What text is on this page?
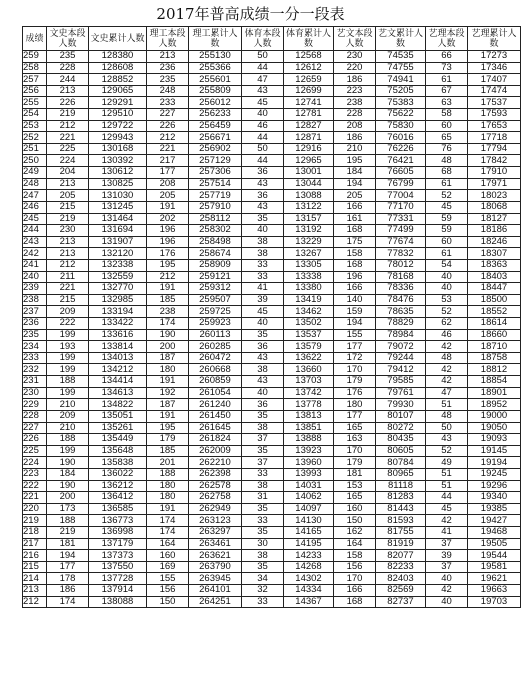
2017年普高成绩一分一段表
成绩	文史本段人数	文史累计人数	理工本段人数	理工累计人数	体育本段人数	体育累计人数	艺文本段人数	艺文累计人数	艺理本段人数	艺理累计人数
259	235	128380	213	255130	50	12568	230	74535	66	17273
258	228	128608	236	255366	44	12612	220	74755	73	17346
257	244	128852	235	255601	47	12659	186	74941	61	17407
256	213	129065	248	255809	43	12699	223	75205	67	17474
255	226	129291	233	256012	45	12741	238	75383	63	17537
254	219	129510	227	256233	40	12781	228	75622	58	17593
253	212	129722	226	256459	46	12827	208	75830	60	17653
252	221	129943	212	256671	44	12871	186	76016	65	17718
251	225	130168	221	256902	50	12916	210	76226	76	17794
250	224	130392	217	257129	44	12965	195	76421	48	17842
249	204	130612	177	257306	36	13001	184	76605	68	17910
248	213	130825	208	257514	43	13044	194	76799	61	17971
247	205	131030	205	257719	36	13088	205	77004	52	18023
246	215	131245	191	257910	43	13122	166	77170	45	18068
245	219	131464	202	258112	35	13157	161	77331	59	18127
244	230	131694	196	258302	40	13192	168	77499	59	18186
243	213	131907	196	258498	38	13229	175	77674	60	18246
242	213	132120	176	258674	38	13267	158	77832	61	18307
241	212	132338	195	258909	33	13305	168	78012	54	18363
240	211	132559	212	259121	33	13338	196	78168	40	18403
239	221	132770	191	259312	41	13380	166	78336	40	18447
238	215	132985	185	259507	39	13419	140	78476	53	18500
237	209	133194	238	259725	45	13462	159	78635	52	18552
236	222	133422	174	259923	40	13502	194	78829	62	18614
235	199	133616	190	260113	35	13537	155	78984	46	18660
234	193	133814	200	260285	36	13579	177	79072	42	18710
233	199	134013	187	260472	43	13622	172	79244	48	18758
232	199	134212	180	260668	38	13660	170	79412	42	18812
231	188	134414	191	260859	43	13703	179	79585	42	18854
230	199	134613	192	261054	40	13742	176	79761	47	18901
229	210	134822	187	261240	36	13778	180	79930	51	18952
228	209	135051	191	261450	35	13813	177	80107	48	19000
227	210	135261	195	261645	38	13851	165	80272	50	19050
226	188	135449	179	261824	37	13888	163	80435	43	19093
225	199	135648	185	262009	35	13923	170	80605	52	19145
224	190	135838	201	262210	37	13960	179	80784	49	19194
223	184	136022	188	262398	33	13993	181	80965	51	19245
222	190	136212	180	262578	38	14031	153	81118	51	19296
221	200	136412	180	262758	31	14062	165	81283	44	19340
220	173	136585	191	262949	35	14097	160	81443	45	19385
219	188	136773	174	263123	33	14130	150	81593	42	19427
218	219	136998	174	263297	35	14165	162	81755	41	19468
217	181	137179	164	263461	30	14195	164	81919	37	19505
216	194	137373	160	263621	38	14233	158	82077	39	19544
215	177	137550	169	263790	35	14268	156	82233	37	19581
214	178	137728	155	263945	34	14302	170	82403	40	19621
213	186	137914	156	264101	32	14334	166	82569	42	19663
212	174	138088	150	264251	33	14367	168	82737	40	19703
